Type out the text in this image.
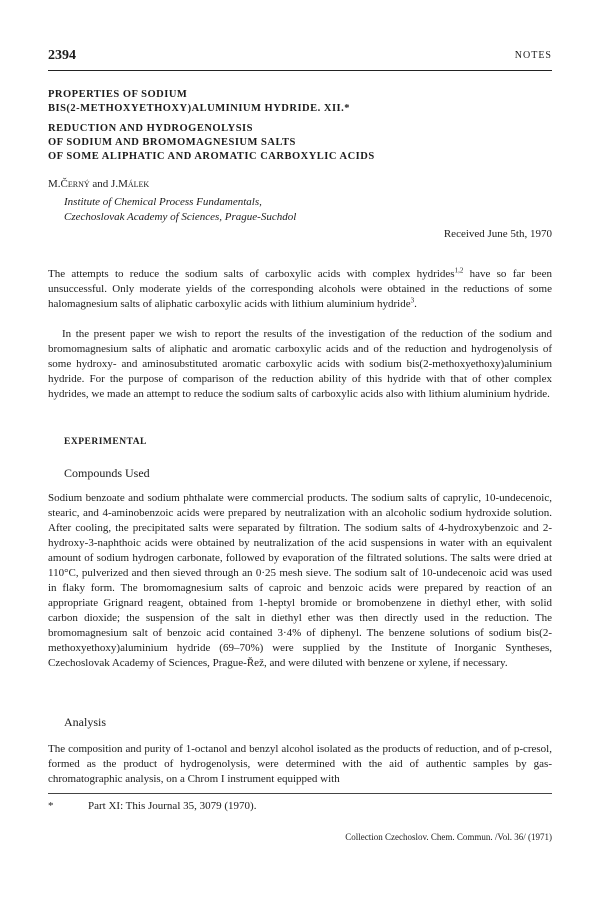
2394	NOTES

PROPERTIES OF SODIUM

BIS(2-METHOXYETHOXY)ALUMINIUM HYDRIDE. XII.*

REDUCTION AND HYDROGENOLYSIS

OF SODIUM AND BROMOMAGNESIUM SALTS

OF SOME ALIPHATIC AND AROMATIC CARBOXYLIC ACIDS

M.Černý and J.Málek
Institute of Chemical Process Fundamentals,
Czechoslovak Academy of Sciences, Prague-Suchdol
Received June 5th, 1970

The attempts to reduce the sodium salts of carboxylic acids with complex hydrides$^{1,2}$ have so far been unsuccessful. Only moderate yields of the corresponding alcohols were obtained in the reductions of some halomagnesium salts of aliphatic carboxylic acids with lithium aluminium hydride$^3$.

In the present paper we wish to report the results of the investigation of the reduction of the sodium and bromomagnesium salts of aliphatic and aromatic carboxylic acids and of the reduction and hydrogenolysis of some hydroxy- and aminosubstituted aromatic carboxylic acids with sodium bis(2-methoxyethoxy)aluminium hydride. For the purpose of comparison of the reduction ability of this hydride with that of other complex hydrides, we made an attempt to reduce the sodium salts of carboxylic acids also with lithium aluminium hydride.

EXPERIMENTAL
Compounds Used

Sodium benzoate and sodium phthalate were commercial products. The sodium salts of caprylic, 10-undecenoic, stearic, and 4-aminobenzoic acids were prepared by neutralization with an alcoholic sodium hydroxide solution. After cooling, the precipitated salts were separated by filtration. The sodium salts of 4-hydroxybenzoic and 2-hydroxy-3-naphthoic acids were obtained by neutralization of the acid suspensions in water with an equivalent amount of sodium hydrogen carbonate, followed by evaporation of the filtrated solutions. The salts were dried at 110°C, pulverized and then sieved through an 0·25 mesh sieve. The sodium salt of 10-undecenoic acid was used in flaky form. The bromomagnesium salts of caproic and benzoic acids were prepared by reaction of an appropriate Grignard reagent, obtained from 1-heptyl bromide or bromobenzene in diethyl ether, with solid carbon dioxide; the suspension of the salt in diethyl ether was then directly used in the reduction. The bromomagnesium salt of benzoic acid contained 3·4% of diphenyl. The benzene solutions of sodium bis(2-methoxyethoxy)aluminium hydride (69–70%) were supplied by the Institute of Inorganic Syntheses, Czechoslovak Academy of Sciences, Prague-Řež, and were diluted with benzene or xylene, if necessary.

Analysis

The composition and purity of 1-octanol and benzyl alcohol isolated as the products of reduction, and of p-cresol, formed as the product of hydrogenolysis, were determined with the aid of authentic samples by gas-chromatographic analysis, on a Chrom I instrument equipped with

*	Part XI: This Journal 35, 3079 (1970).
Collection Czechoslov. Chem. Commun. /Vol. 36/ (1971)
